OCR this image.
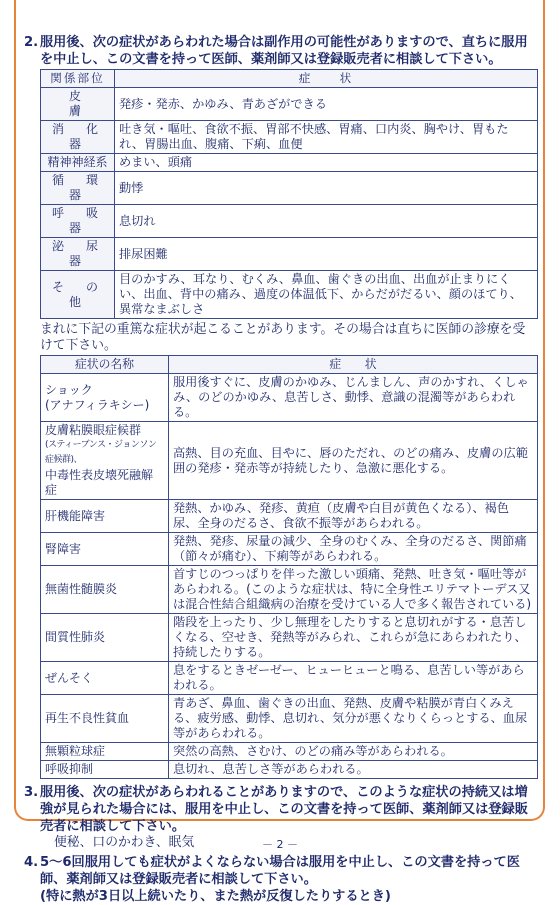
2. 服用後、次の症状があらわれた場合は副作用の可能性がありますので、直ちに服用を中止し、この文書を持って医師、薬剤師又は登録販売者に相談して下さい。
関係部位	症　　状
皮　　膚	発疹・発赤、かゆみ、青あざができる
消　化　器	吐き気・嘔吐、食欲不振、胃部不快感、胃痛、口内炎、胸やけ、胃もたれ、胃腸出血、腹痛、下痢、血便
精神神経系	めまい、頭痛
循　環　器	動悸
呼　吸　器	息切れ
泌　尿　器	排尿困難
そ　の　他	目のかすみ、耳なり、むくみ、鼻血、歯ぐきの出血、出血が止まりにくい、出血、背中の痛み、過度の体温低下、からだがだるい、顔のほてり、異常なまぶしさ
まれに下記の重篤な症状が起こることがあります。その場合は直ちに医師の診療を受けて下さい。
症状の名称	症　　状
ショック
(アナフィラキシー)	服用後すぐに、皮膚のかゆみ、じんましん、声のかすれ、くしゃみ、のどのかゆみ、息苦しさ、動悸、意識の混濁等があらわれる。

皮膚粘膜眼症候群
(スティーブンス・ジョンソン症候群)、
中毒性表皮壊死融解症	高熱、目の充血、目やに、唇のただれ、のどの痛み、皮膚の広範囲の発疹・発赤等が持続したり、急激に悪化する。
肝機能障害	発熱、かゆみ、発疹、黄疸（皮膚や白目が黄色くなる）、褐色尿、全身のだるさ、食欲不振等があらわれる。
腎障害	発熱、発疹、尿量の減少、全身のむくみ、全身のだるさ、関節痛（節々が痛む）、下痢等があらわれる。
無菌性髄膜炎	首すじのつっぱりを伴った激しい頭痛、発熱、吐き気・嘔吐等があらわれる。(このような症状は、特に全身性エリテマトーデス又は混合性結合組織病の治療を受けている人で多く報告されている)
間質性肺炎	階段を上ったり、少し無理をしたりすると息切れがする・息苦しくなる、空せき、発熱等がみられ、これらが急にあらわれたり、持続したりする。
ぜんそく	息をするときゼーゼー、ヒューヒューと鳴る、息苦しい等があらわれる。
再生不良性貧血	青あざ、鼻血、歯ぐきの出血、発熱、皮膚や粘膜が青白くみえる、疲労感、動悸、息切れ、気分が悪くなりくらっとする、血尿等があらわれる。
無顆粒球症	突然の高熱、さむけ、のどの痛み等があらわれる。
呼吸抑制	息切れ、息苦しさ等があらわれる。
3. 服用後、次の症状があらわれることがありますので、このような症状の持続又は増強が見られた場合には、服用を中止し、この文書を持って医師、薬剤師又は登録販売者に相談して下さい。
便秘、口のかわき、眠気
4. 5～6回服用しても症状がよくならない場合は服用を中止し、この文書を持って医師、薬剤師又は登録販売者に相談して下さい。
(特に熱が3日以上続いたり、また熱が反復したりするとき)
－ 2 －
